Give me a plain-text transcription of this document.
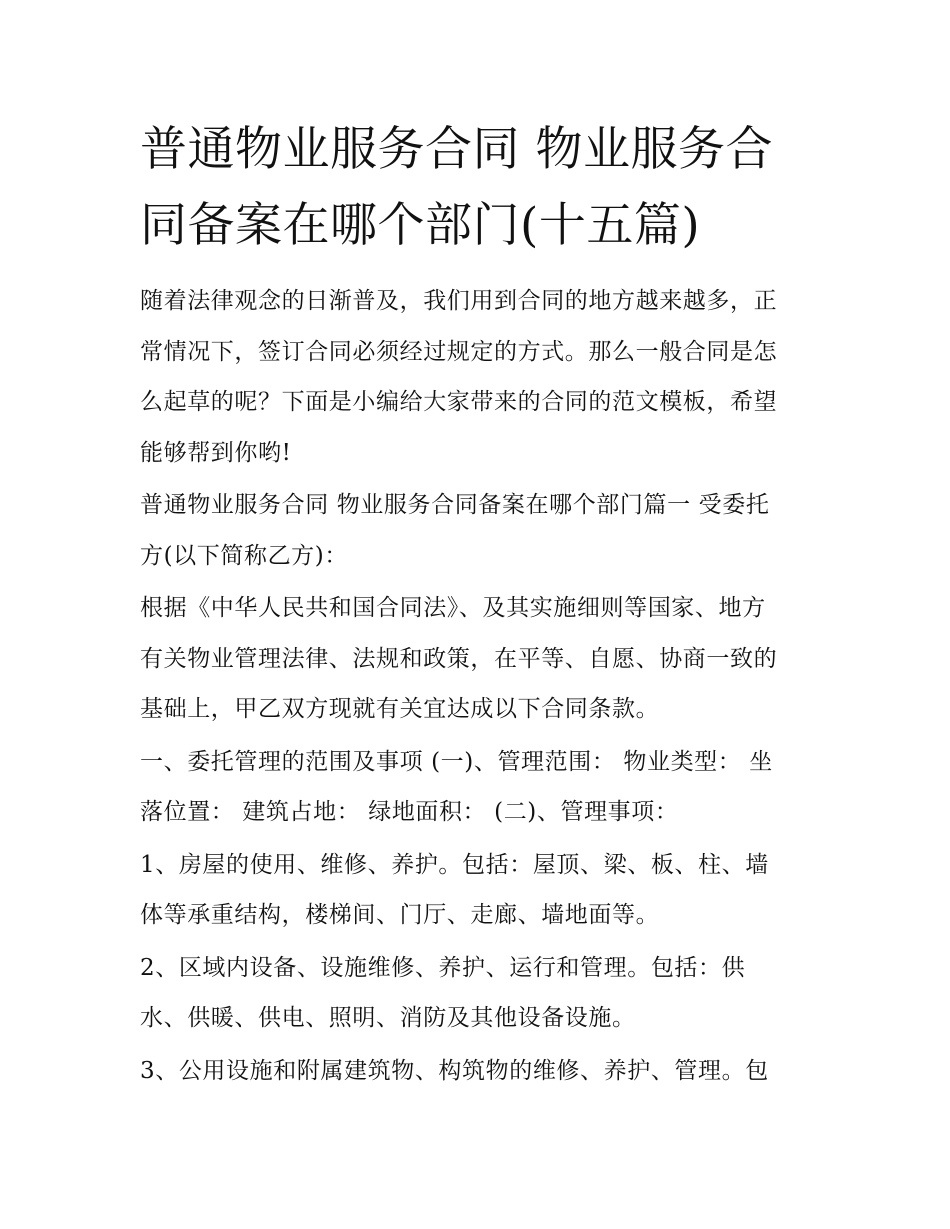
普通物业服务合同 物业服务合
同备案在哪个部门(十五篇)
随着法律观念的日渐普及，我们用到合同的地方越来越多，正
常情况下，签订合同必须经过规定的方式。那么一般合同是怎
么起草的呢？下面是小编给大家带来的合同的范文模板，希望
能够帮到你哟!
普通物业服务合同 物业服务合同备案在哪个部门篇一 受委托
方(以下简称乙方)：
根据《中华人民共和国合同法》、及其实施细则等国家、地方
有关物业管理法律、法规和政策，在平等、自愿、协商一致的
基础上，甲乙双方现就有关宜达成以下合同条款。
一、委托管理的范围及事项 (一)、管理范围： 物业类型： 坐
落位置： 建筑占地： 绿地面积： (二)、管理事项：
1、房屋的使用、维修、养护。包括：屋顶、梁、板、柱、墙
体等承重结构，楼梯间、门厅、走廊、墙地面等。
2、区域内设备、设施维修、养护、运行和管理。包括：供
水、供暖、供电、照明、消防及其他设备设施。
3、公用设施和附属建筑物、构筑物的维修、养护、管理。包
